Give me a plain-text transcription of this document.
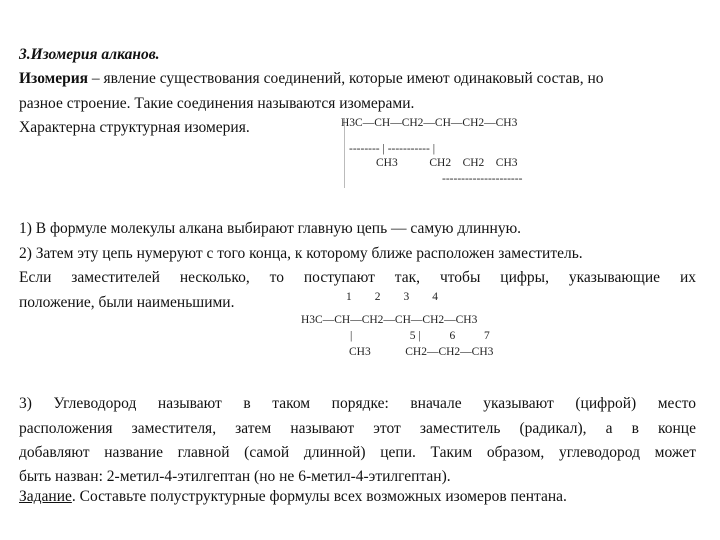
3.Изомерия алканов.
Изомерия – явление существования соединений, которые имеют одинаковый состав, но
разное строение. Такие соединения называются изомерами.
Характерна структурная изомерия.	H3C—CH—CH2—CH—CH2—CH3
-------- | ----------- |
CH3           CH2    CH2    CH3
---------------------
1) В формуле молекулы алкана выбирают главную цепь — самую длинную.
2) Затем эту цепь нумеруют с того конца, к которому ближе расположен заместитель.
Если заместителей несколько, то поступают так, чтобы цифры, указывающие их
положение, были наименьшими.	1        2        3        4
H3C—CH—CH2—CH—CH2—CH3
|                    5 |          6          7
CH3            CH2—CH2—CH3
3) Углеводород называют в таком порядке: вначале указывают (цифрой) место
расположения заместителя, затем называют этот заместитель (радикал), а в конце
добавляют название главной (самой длинной) цепи. Таким образом, углеводород может
быть назван: 2-метил-4-этилгептан (но не 6-метил-4-этилгептан).
Задание. Составьте полуструктурные формулы всех возможных изомеров пентана.
